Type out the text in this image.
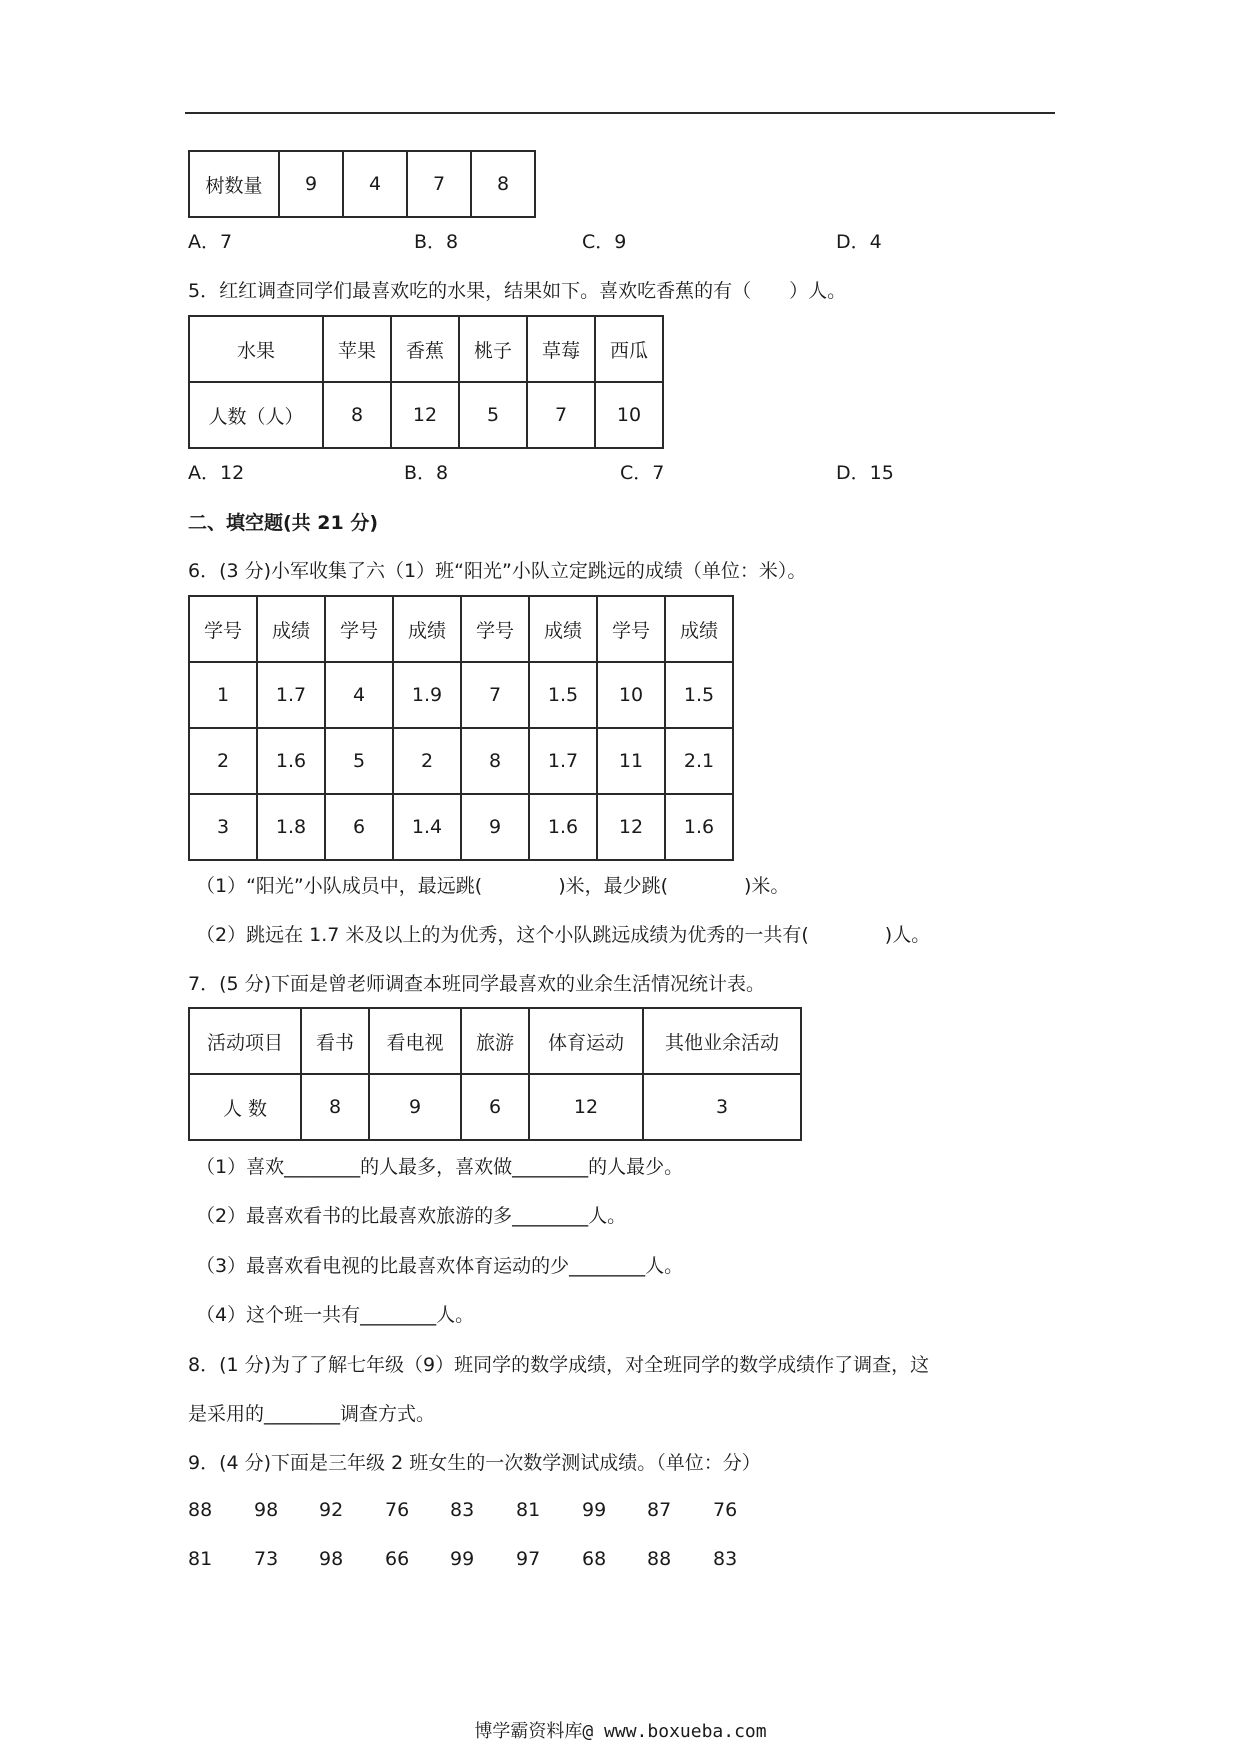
树数量	9	4	7	8
A．7	B．8	C．9	D．4
5．红红调查同学们最喜欢吃的水果，结果如下。喜欢吃香蕉的有（　　）人。
水果	苹果	香蕉	桃子	草莓	西瓜
人数（人）	8	12	5	7	10
A．12	B．8	C．7	D．15
二、填空题(共 21 分)
6．(3 分)小军收集了六（1）班“阳光”小队立定跳远的成绩（单位：米）。
学号	成绩	学号	成绩	学号	成绩	学号	成绩
1	1.7	4	1.9	7	1.5	10	1.5
2	1.6	5	2	8	1.7	11	2.1
3	1.8	6	1.4	9	1.6	12	1.6
（1）“阳光”小队成员中，最远跳(　　　　)米，最少跳(　　　　)米。
（2）跳远在 1.7 米及以上的为优秀，这个小队跳远成绩为优秀的一共有(　　　　)人。
7．(5 分)下面是曾老师调查本班同学最喜欢的业余生活情况统计表。
活动项目	看书	看电视	旅游	体育运动	其他业余活动
人 数	8	9	6	12	3
（1）喜欢________的人最多，喜欢做________的人最少。
（2）最喜欢看书的比最喜欢旅游的多________人。
（3）最喜欢看电视的比最喜欢体育运动的少________人。
（4）这个班一共有________人。
8．(1 分)为了了解七年级（9）班同学的数学成绩，对全班同学的数学成绩作了调查，这
是采用的________调查方式。
9．(4 分)下面是三年级 2 班女生的一次数学测试成绩。（单位：分）
88	98	92	76	83	81	99	87	76
81	73	98	66	99	97	68	88	83
博学霸资料库@ www.boxueba.com
